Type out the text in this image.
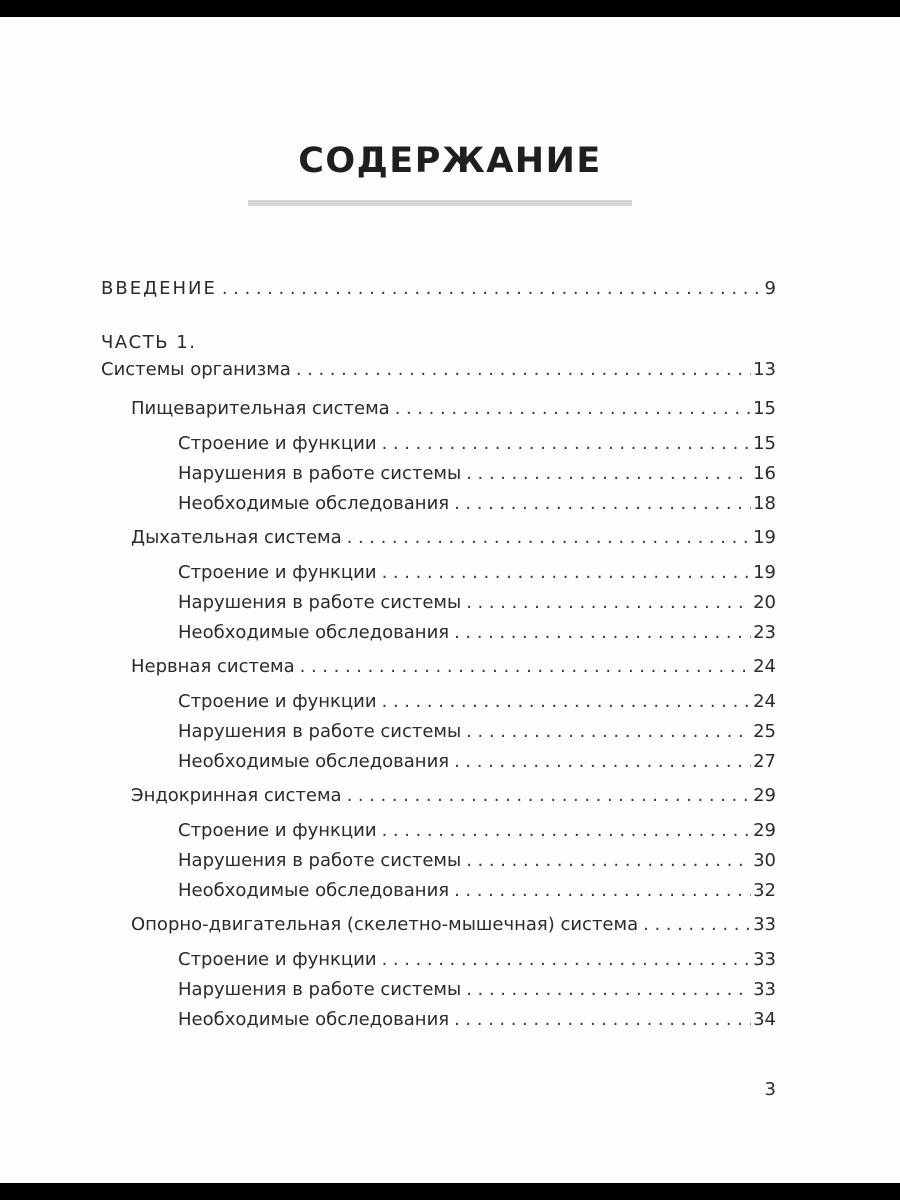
СОДЕРЖАНИЕ
ВВЕДЕНИЕ .....	9
ЧАСТЬ 1.
Системы организма .....	13
Пищеварительная система .....	15
Строение и функции .....	15
Нарушения в работе системы .....	16
Необходимые обследования .....	18
Дыхательная система .....	19
Строение и функции .....	19
Нарушения в работе системы .....	20
Необходимые обследования .....	23
Нервная система .....	24
Строение и функции .....	24
Нарушения в работе системы .....	25
Необходимые обследования .....	27
Эндокринная система .....	29
Строение и функции .....	29
Нарушения в работе системы .....	30
Необходимые обследования .....	32
Опорно-двигательная (скелетно-мышечная) система .....	33
Строение и функции .....	33
Нарушения в работе системы .....	33
Необходимые обследования .....	34
3
